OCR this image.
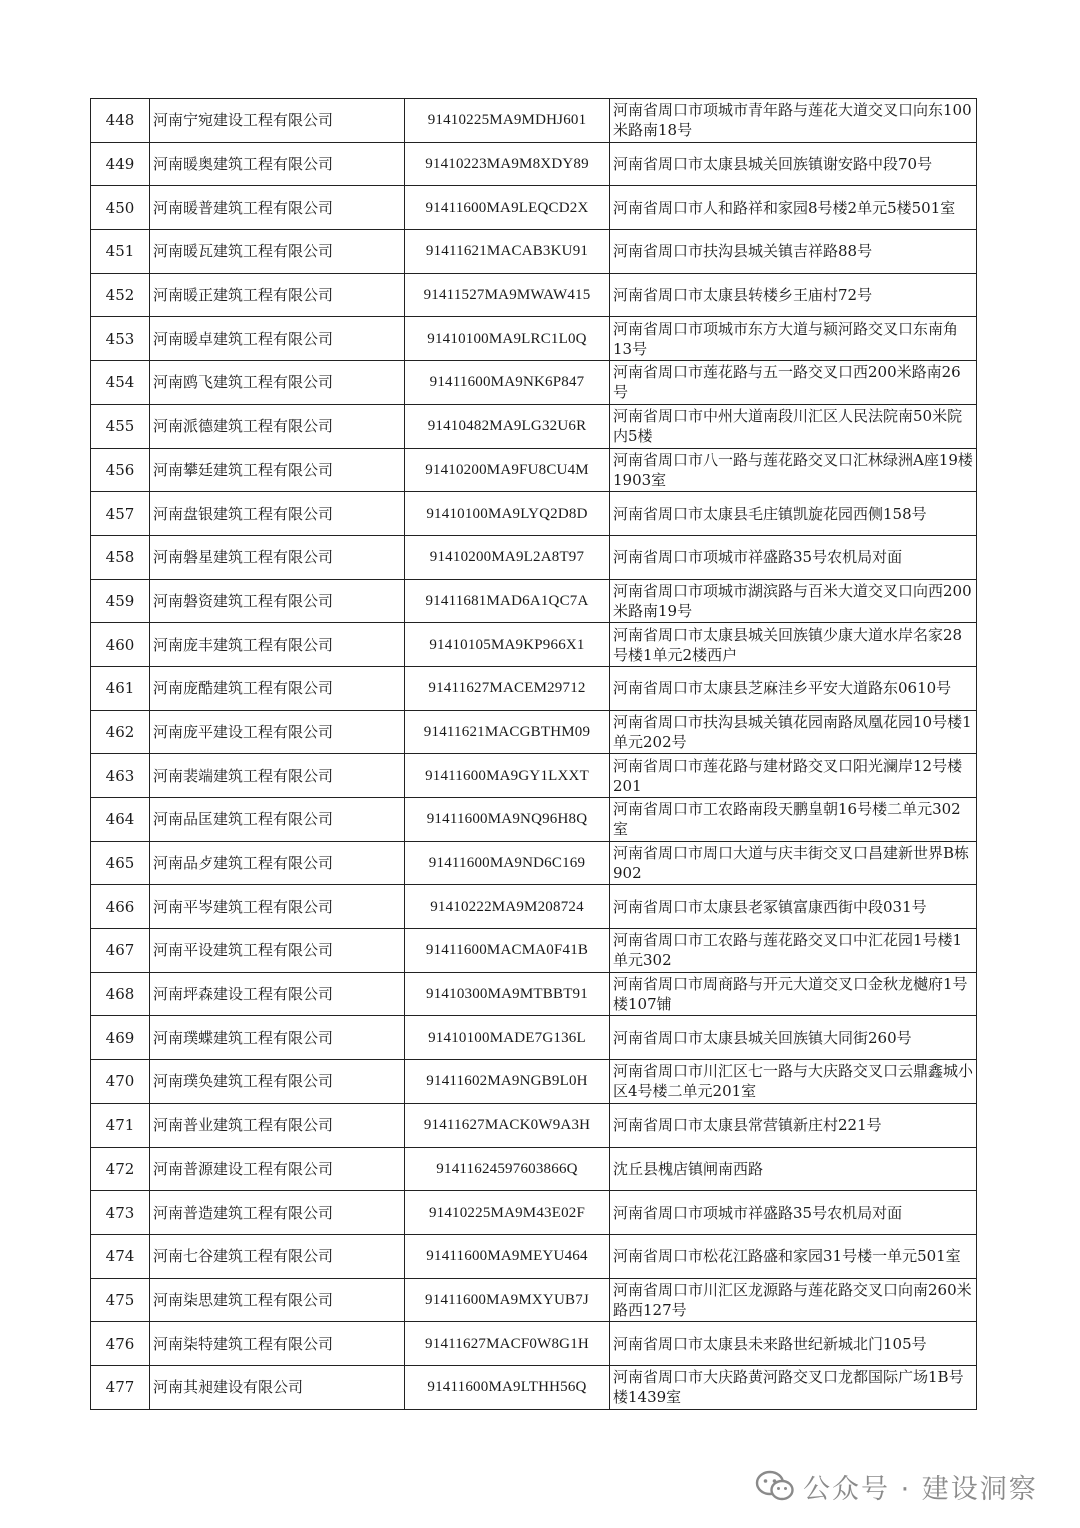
448	河南宁宛建设工程有限公司	91410225MA9MDHJ601	河南省周口市项城市青年路与莲花大道交叉口向东100米路南18号
449	河南暖奥建筑工程有限公司	91410223MA9M8XDY89	河南省周口市太康县城关回族镇谢安路中段70号
450	河南暖普建筑工程有限公司	91411600MA9LEQCD2X	河南省周口市人和路祥和家园8号楼2单元5楼501室
451	河南暖瓦建筑工程有限公司	91411621MACAB3KU91	河南省周口市扶沟县城关镇吉祥路88号
452	河南暖正建筑工程有限公司	91411527MA9MWAW415	河南省周口市太康县转楼乡王庙村72号
453	河南暖卓建筑工程有限公司	91410100MA9LRC1L0Q	河南省周口市项城市东方大道与颍河路交叉口东南角13号
454	河南鸥飞建筑工程有限公司	91411600MA9NK6P847	河南省周口市莲花路与五一路交叉口西200米路南26号
455	河南派德建筑工程有限公司	91410482MA9LG32U6R	河南省周口市中州大道南段川汇区人民法院南50米院内5楼
456	河南攀廷建筑工程有限公司	91410200MA9FU8CU4M	河南省周口市八一路与莲花路交叉口汇林绿洲A座19楼1903室
457	河南盘银建筑工程有限公司	91410100MA9LYQ2D8D	河南省周口市太康县毛庄镇凯旋花园西侧158号
458	河南磐星建筑工程有限公司	91410200MA9L2A8T97	河南省周口市项城市祥盛路35号农机局对面
459	河南磐资建筑工程有限公司	91411681MAD6A1QC7A	河南省周口市项城市湖滨路与百米大道交叉口向西200米路南19号
460	河南庞丰建筑工程有限公司	91410105MA9KP966X1	河南省周口市太康县城关回族镇少康大道水岸名家28号楼1单元2楼西户
461	河南庞酷建筑工程有限公司	91411627MACEM29712	河南省周口市太康县芝麻洼乡平安大道路东0610号
462	河南庞平建设工程有限公司	91411621MACGBTHM09	河南省周口市扶沟县城关镇花园南路凤凰花园10号楼1单元202号
463	河南裴端建筑工程有限公司	91411600MA9GY1LXXT	河南省周口市莲花路与建材路交叉口阳光澜岸12号楼201
464	河南品匡建筑工程有限公司	91411600MA9NQ96H8Q	河南省周口市工农路南段天鹏皇朝16号楼二单元302室
465	河南品歺建筑工程有限公司	91411600MA9ND6C169	河南省周口市周口大道与庆丰街交叉口昌建新世界B栋902
466	河南平岑建筑工程有限公司	91410222MA9M208724	河南省周口市太康县老冢镇富康西街中段031号
467	河南平设建筑工程有限公司	91411600MACMA0F41B	河南省周口市工农路与莲花路交叉口中汇花园1号楼1单元302
468	河南坪森建设工程有限公司	91410300MA9MTBBT91	河南省周口市周商路与开元大道交叉口金秋龙樾府1号楼107铺
469	河南璞蝶建筑工程有限公司	91410100MADE7G136L	河南省周口市太康县城关回族镇大同街260号
470	河南璞奂建筑工程有限公司	91411602MA9NGB9L0H	河南省周口市川汇区七一路与大庆路交叉口云鼎鑫城小区4号楼二单元201室
471	河南普业建筑工程有限公司	91411627MACK0W9A3H	河南省周口市太康县常营镇新庄村221号
472	河南普源建设工程有限公司	91411624597603866Q	沈丘县槐店镇闸南西路
473	河南普造建筑工程有限公司	91410225MA9M43E02F	河南省周口市项城市祥盛路35号农机局对面
474	河南七谷建筑工程有限公司	91411600MA9MEYU464	河南省周口市松花江路盛和家园31号楼一单元501室
475	河南柒思建筑工程有限公司	91411600MA9MXYUB7J	河南省周口市川汇区龙源路与莲花路交叉口向南260米路西127号
476	河南柒特建筑工程有限公司	91411627MACF0W8G1H	河南省周口市太康县未来路世纪新城北门105号
477	河南其昶建设有限公司	91411600MA9LTHH56Q	河南省周口市大庆路黄河路交叉口龙都国际广场1B号楼1439室
公众号 · 建设洞察
